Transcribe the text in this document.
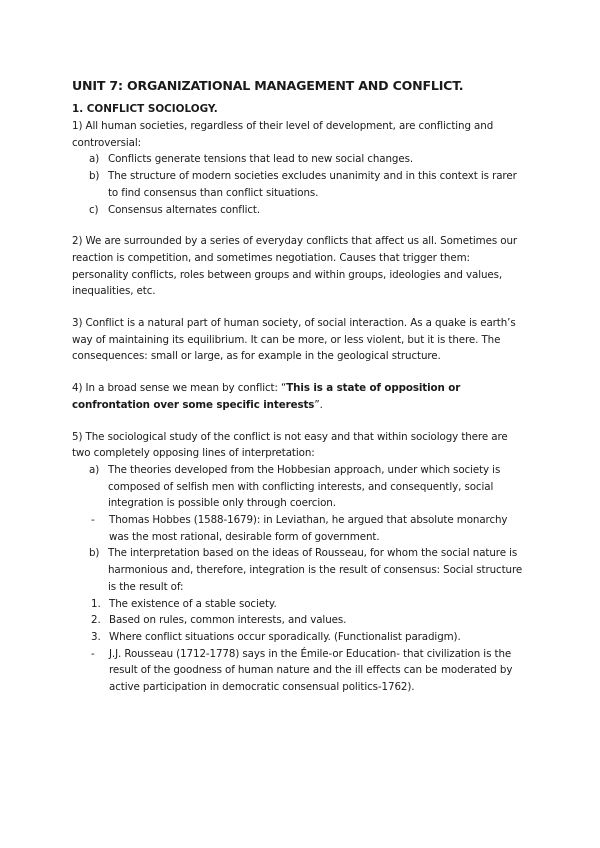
UNIT 7: ORGANIZATIONAL MANAGEMENT AND CONFLICT.
1. CONFLICT SOCIOLOGY.

1) All human societies, regardless of their level of development, are conflicting and controversial:

a) Conflicts generate tensions that lead to new social changes.
b) The structure of modern societies excludes unanimity and in this context is rarer to find consensus than conflict situations.
c) Consensus alternates conflict.

2) We are surrounded by a series of everyday conflicts that affect us all. Sometimes our reaction is competition, and sometimes negotiation. Causes that trigger them: personality conflicts, roles between groups and within groups, ideologies and values, inequalities, etc.

3) Conflict is a natural part of human society, of social interaction. As a quake is earth’s way of maintaining its equilibrium. It can be more, or less violent, but it is there. The consequences: small or large, as for example in the geological structure.

4) In a broad sense we mean by conflict: “This is a state of opposition or confrontation over some specific interests”.

5) The sociological study of the conflict is not easy and that within sociology there are two completely opposing lines of interpretation:

a) The theories developed from the Hobbesian approach, under which society is composed of selfish men with conflicting interests, and consequently, social integration is possible only through coercion.
- Thomas Hobbes (1588-1679): in Leviathan, he argued that absolute monarchy was the most rational, desirable form of government.
b) The interpretation based on the ideas of Rousseau, for whom the social nature is harmonious and, therefore, integration is the result of consensus: Social structure is the result of:
1. The existence of a stable society.
2. Based on rules, common interests, and values.
3. Where conflict situations occur sporadically. (Functionalist paradigm).
- J.J. Rousseau (1712-1778) says in the Émile-or Education- that civilization is the result of the goodness of human nature and the ill effects can be moderated by active participation in democratic consensual politics-1762).
